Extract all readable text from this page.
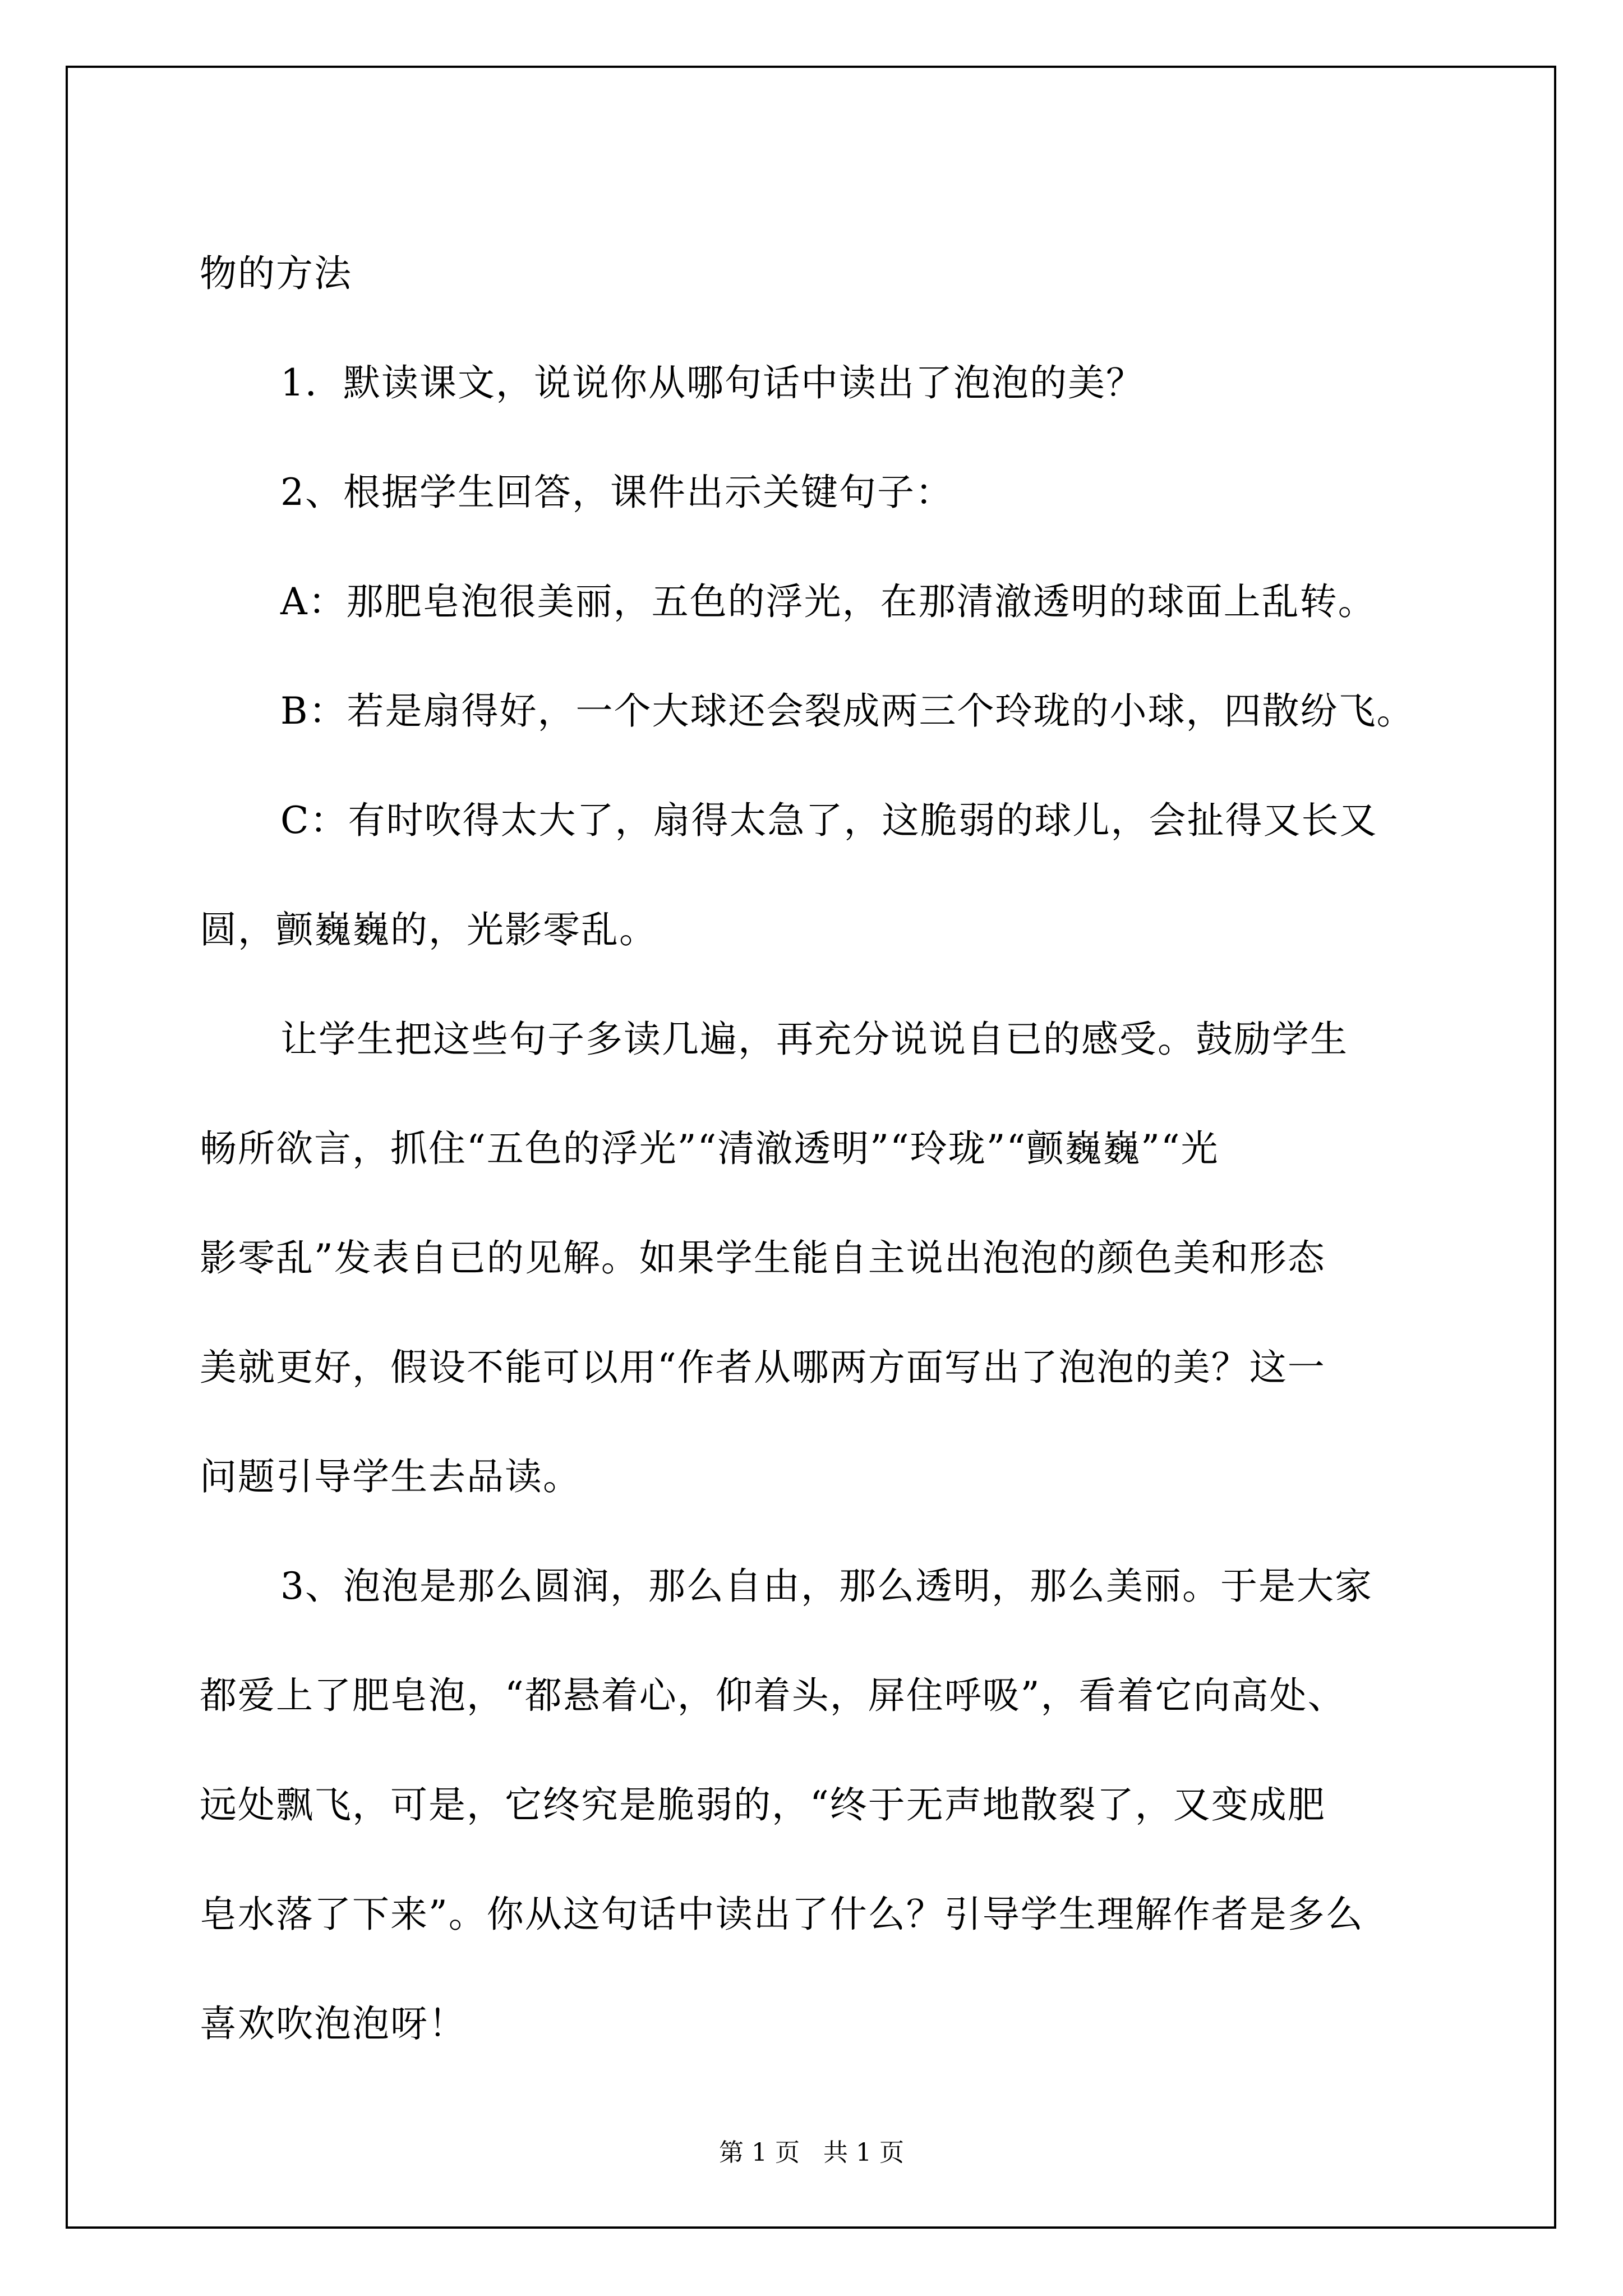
物的方法

1．默读课文，说说你从哪句话中读出了泡泡的美？

2、根据学生回答，课件出示关键句子：

A：那肥皂泡很美丽，五色的浮光，在那清澈透明的球面上乱转。

B：若是扇得好，一个大球还会裂成两三个玲珑的小球，四散纷飞。

C：有时吹得太大了，扇得太急了，这脆弱的球儿，会扯得又长又

圆，颤巍巍的，光影零乱。

让学生把这些句子多读几遍，再充分说说自已的感受。鼓励学生

畅所欲言，抓住“五色的浮光”“清澈透明”“玲珑”“颤巍巍”“光

影零乱”发表自已的见解。如果学生能自主说出泡泡的颜色美和形态

美就更好，假设不能可以用“作者从哪两方面写出了泡泡的美？这一

问题引导学生去品读。

3、泡泡是那么圆润，那么自由，那么透明，那么美丽。于是大家

都爱上了肥皂泡，“都悬着心，仰着头，屏住呼吸”，看着它向高处、

远处飘飞，可是，它终究是脆弱的，“终于无声地散裂了，又变成肥

皂水落了下来”。你从这句话中读出了什么？引导学生理解作者是多么

喜欢吹泡泡呀！

第 1 页   共 1 页
